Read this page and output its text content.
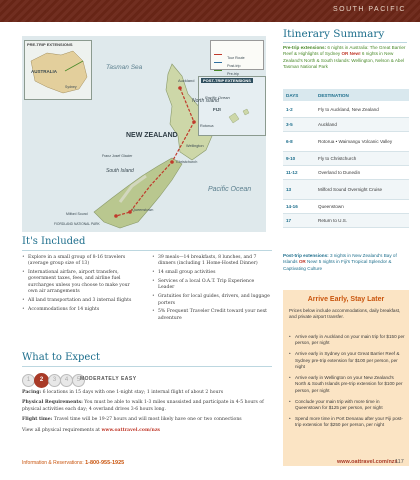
SOUTH PACIFIC
PRE-TRIP EXTENSIONS
AUSTRALIA
Sydney
POST-TRIP EXTENSIONS
Pacific Ocean
FIJI
Tour Route
Post-trip
Pre-trip
Tasman Sea
Auckland
North Island
Rotorua
Wellington
NEW ZEALAND
South Island
Christchurch
Queenstown
Milford Sound
FIORDLAND NATIONAL PARK
Franz Josef Glacier
Pacific Ocean
Itinerary Summary
Pre-trip extensions: 6 nights in Australia: The Great Barrier Reef & Highlights of Sydney OR New! 6 nights in New Zealand's North & South Islands: Wellington, Nelson & Abel Tasman National Park
DAYS	DESTINATION
1-2	Fly to Auckland, New Zealand
3-5	Auckland
6-8	Rotorua • Waimangu Volcanic Valley
9-10	Fly to Christchurch
11-12	Overland to Dunedin
13	Milford Sound Overnight Cruise
14-16	Queenstown
17	Return to U.S.
Post-trip extensions: 3 nights in New Zealand's Bay of Islands OR New! 5 nights in Fiji's Tropical Splendor & Captivating Culture
Arrive Early, Stay Later
Prices below include accommodations, daily breakfast, and private airport transfer.
• Arrive early in Auckland on your main trip for $150 per person, per night
• Arrive early in Sydney on your Great Barrier Reef & Sydney pre-trip extension for $100 per person, per night
• Arrive early in Wellington on your New Zealand's North & South Islands pre-trip extension for $100 per person, per night
• Conclude your main trip with more time in Queenstown for $125 per person, per night
• Spend more time in Port Denarau after your Fiji post-trip extension for $250 per person, per night
It's Included
• Explore in a small group of 8-16 travelers (average group size of 13)
• International airfare, airport transfers, government taxes, fees, and airline fuel surcharges unless you choose to make your own air arrangements
• All land transportation and 3 internal flights
• Accommodations for 14 nights
• 39 meals—14 breakfasts, 8 lunches, and 7 dinners (including 1 Home-Hosted Dinner)
• 14 small group activities
• Services of a local O.A.T. Trip Experience Leader
• Gratuities for local guides, drivers, and luggage porters
• 5% Frequent Traveler Credit toward your next adventure
What to Expect
1	2	3	4	5 MODERATELY EASY
Pacing: 6 locations in 15 days with one 1-night stay; 1 internal flight of about 2 hours
Physical Requirements: You must be able to walk 1-3 miles unassisted and participate in 4-5 hours of physical activities each day; 4 overland drives 3-6 hours long.
Flight time: Travel time will be 19-27 hours and will most likely have one or two connections
View all physical requirements at www.oattravel.com/nzs
Information & Reservations: 1-800-955-1925	www.oattravel.com/nzs
117
